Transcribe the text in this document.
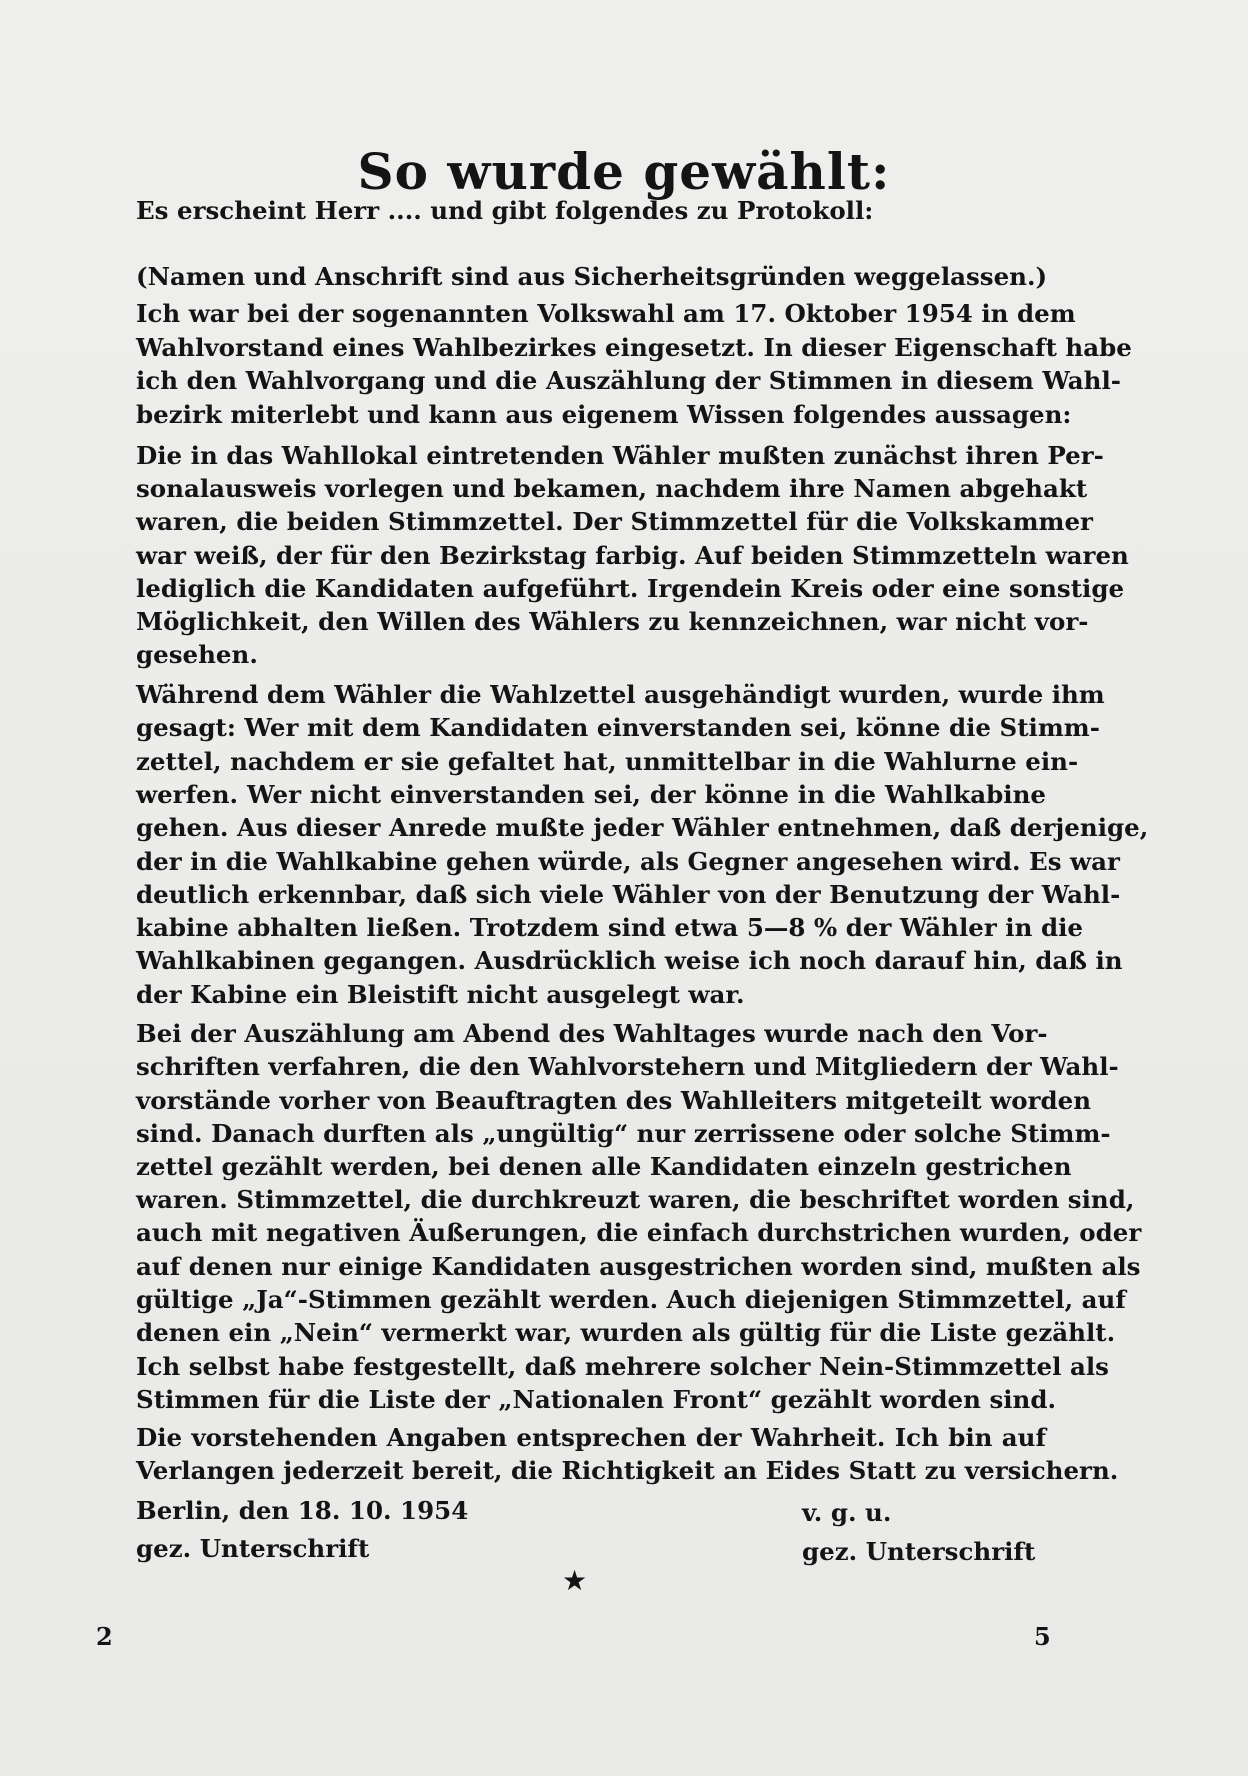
So wurde gewählt:
Es erscheint Herr .... und gibt folgendes zu Protokoll:
(Namen und Anschrift sind aus Sicherheitsgründen weggelassen.)
Ich war bei der sogenannten Volkswahl am 17. Oktober 1954 in dem
Wahlvorstand eines Wahlbezirkes eingesetzt. In dieser Eigenschaft habe
ich den Wahlvorgang und die Auszählung der Stimmen in diesem Wahl-
bezirk miterlebt und kann aus eigenem Wissen folgendes aussagen:
Die in das Wahllokal eintretenden Wähler mußten zunächst ihren Per-
sonalausweis vorlegen und bekamen, nachdem ihre Namen abgehakt
waren, die beiden Stimmzettel. Der Stimmzettel für die Volkskammer
war weiß, der für den Bezirkstag farbig. Auf beiden Stimmzetteln waren
lediglich die Kandidaten aufgeführt. Irgendein Kreis oder eine sonstige
Möglichkeit, den Willen des Wählers zu kennzeichnen, war nicht vor-
gesehen.
Während dem Wähler die Wahlzettel ausgehändigt wurden, wurde ihm
gesagt: Wer mit dem Kandidaten einverstanden sei, könne die Stimm-
zettel, nachdem er sie gefaltet hat, unmittelbar in die Wahlurne ein-
werfen. Wer nicht einverstanden sei, der könne in die Wahlkabine
gehen. Aus dieser Anrede mußte jeder Wähler entnehmen, daß derjenige,
der in die Wahlkabine gehen würde, als Gegner angesehen wird. Es war
deutlich erkennbar, daß sich viele Wähler von der Benutzung der Wahl-
kabine abhalten ließen. Trotzdem sind etwa 5—8 % der Wähler in die
Wahlkabinen gegangen. Ausdrücklich weise ich noch darauf hin, daß in
der Kabine ein Bleistift nicht ausgelegt war.
Bei der Auszählung am Abend des Wahltages wurde nach den Vor-
schriften verfahren, die den Wahlvorstehern und Mitgliedern der Wahl-
vorstände vorher von Beauftragten des Wahlleiters mitgeteilt worden
sind. Danach durften als „ungültig“ nur zerrissene oder solche Stimm-
zettel gezählt werden, bei denen alle Kandidaten einzeln gestrichen
waren. Stimmzettel, die durchkreuzt waren, die beschriftet worden sind,
auch mit negativen Äußerungen, die einfach durchstrichen wurden, oder
auf denen nur einige Kandidaten ausgestrichen worden sind, mußten als
gültige „Ja“-Stimmen gezählt werden. Auch diejenigen Stimmzettel, auf
denen ein „Nein“ vermerkt war, wurden als gültig für die Liste gezählt.
Ich selbst habe festgestellt, daß mehrere solcher Nein-Stimmzettel als
Stimmen für die Liste der „Nationalen Front“ gezählt worden sind.
Die vorstehenden Angaben entsprechen der Wahrheit. Ich bin auf
Verlangen jederzeit bereit, die Richtigkeit an Eides Statt zu versichern.
Berlin, den 18. 10. 1954	v. g. u.
gez. Unterschrift	gez. Unterschrift
★
2	5
